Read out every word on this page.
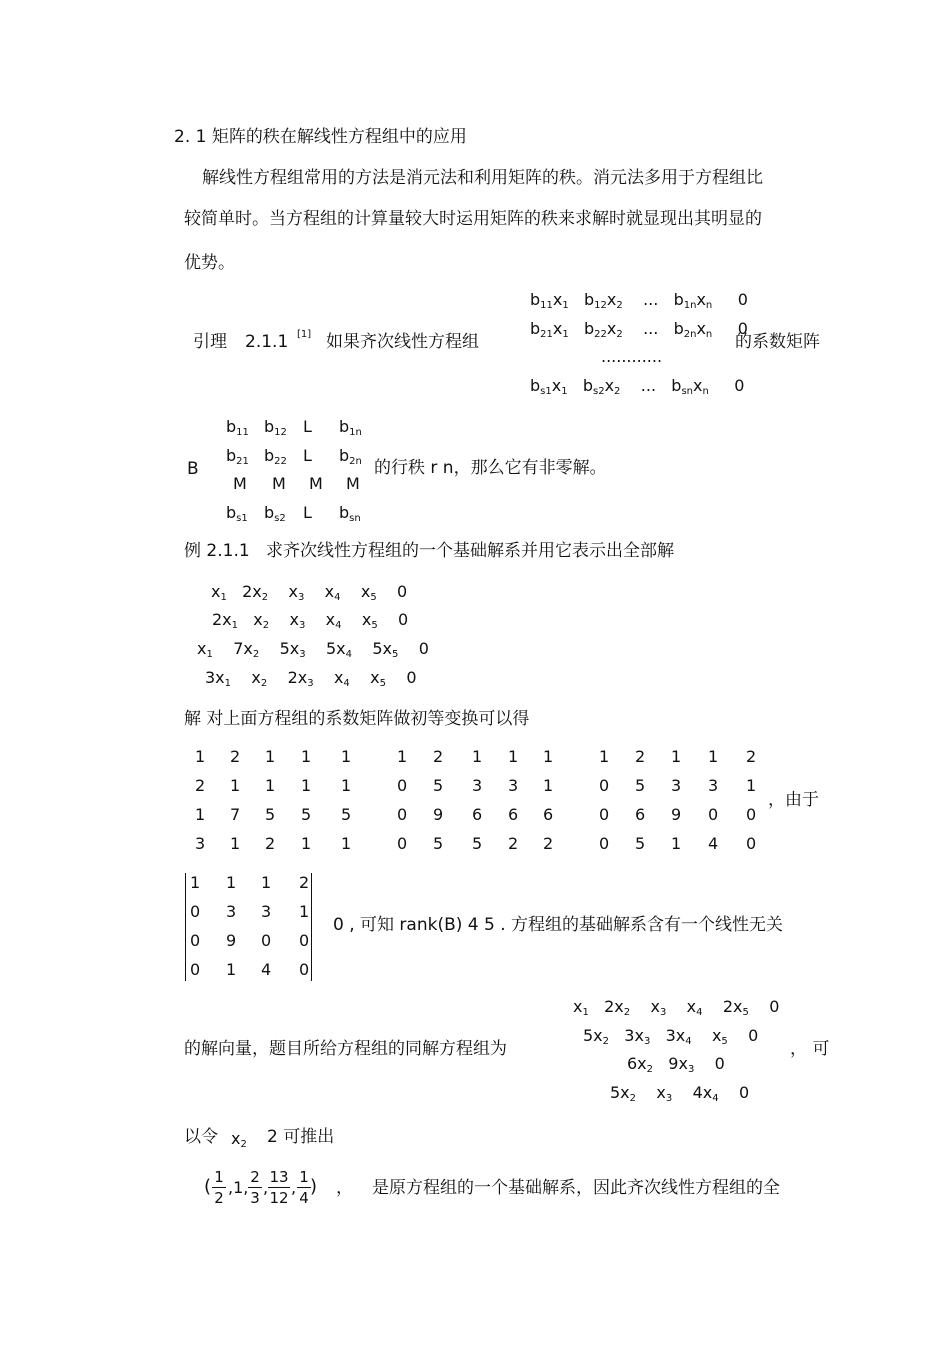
2. 1 矩阵的秩在解线性方程组中的应用
解线性方程组常用的方法是消元法和利用矩阵的秩。消元法多用于方程组比
较简单时。当方程组的计算量较大时运用矩阵的秩来求解时就显现出其明显的
优势。
引理 2.1.1 [1] 如果齐次线性方程组
$b_{11}x_1$   $b_{12}x_2$    ...   $b_{1n}x_n$     0
$b_{21}x_1$   $b_{22}x_2$    ...   $b_{2n}x_n$     0
............
$b_{s1}x_1$   $b_{s2}x_2$    ...   $b_{sn}x_n$     0
的系数矩阵
B
$b_{11}$ $b_{12}$ L $b_{1n}$
$b_{21}$ $b_{22}$ L $b_{2n}$
M M M M
$b_{s1}$ $b_{s2}$ L $b_{sn}$
的行秩 r n，那么它有非零解。
例 2.1.1 求齐次线性方程组的一个基础解系并用它表示出全部解
$x_1$   $2x_2$    $x_3$    $x_4$    $x_5$    0
$2x_1$   $x_2$    $x_3$    $x_4$    $x_5$    0
$x_1$    $7x_2$    $5x_3$    $5x_4$    $5x_5$    0
$3x_1$    $x_2$    $2x_3$    $x_4$    $x_5$    0
解 对上面方程组的系数矩阵做初等变换可以得
1 2 1 1 1
2 1 1 1 1
1 7 5 5 5
3 1 2 1 1
1 2 1 1 1
0 5 3 3 1
0 9 6 6 6
0 5 5 2 2
1 2 1 1 2
0 5 3 3 1
0 6 9 0 0
0 5 1 4 0
，由于
1 1 1 2
0 3 3 1
0 9 0 0
0 1 4 0
0 , 可知 rank(B) 4 5 . 方程组的基础解系含有一个线性无关
$x_1$   $2x_2$    $x_3$    $x_4$    $2x_5$    0
$5x_2$   $3x_3$   $3x_4$    $x_5$    0
$6x_2$   $9x_3$    0
$5x_2$    $x_3$    $4x_4$    0
的解向量，题目所给方程组的同解方程组为	， 可
以令 $x_2$ 2 可推出
( $\frac{1}{2} ,1$, $\frac{2}{3}$ , $\frac{13}{12}$ , $\frac{1}{4}$ ) ， 是原方程组的一个基础解系，因此齐次线性方程组的全
